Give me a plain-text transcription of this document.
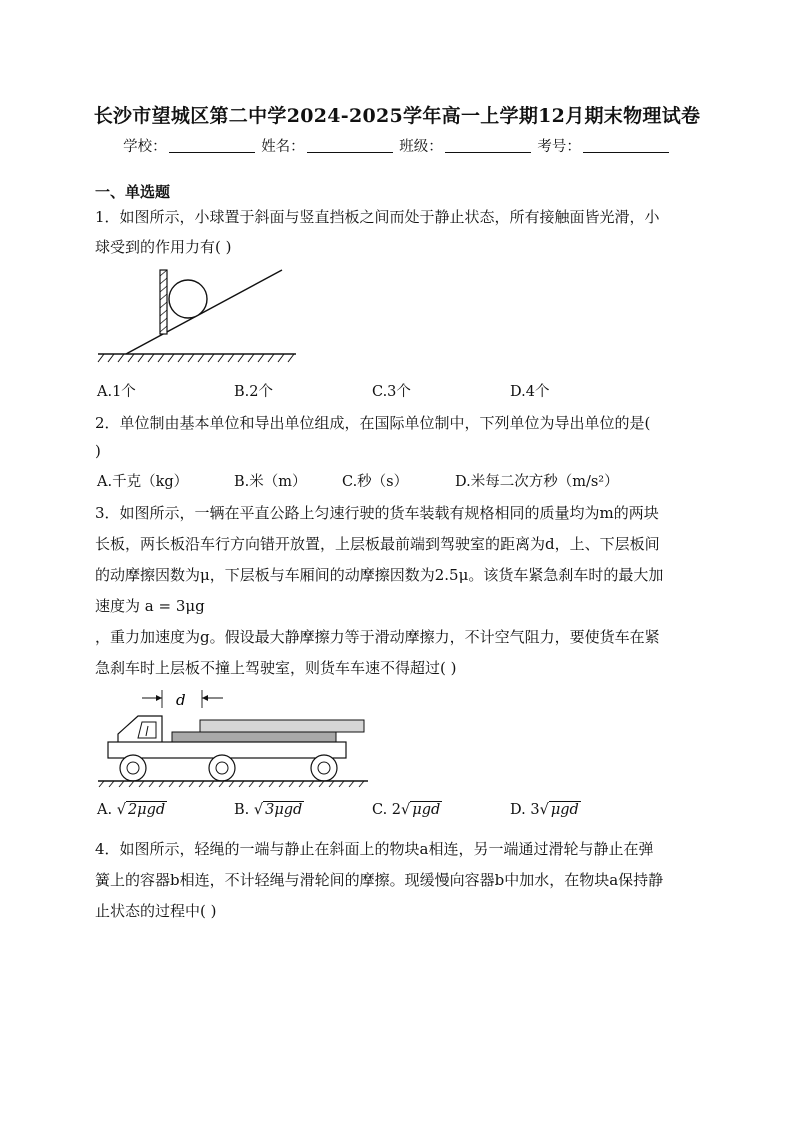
长沙市望城区第二中学2024-2025学年高一上学期12月期末物理试卷
学校：	姓名：	班级：	考号：
一、单选题
1．如图所示，小球置于斜面与竖直挡板之间而处于静止状态，所有接触面皆光滑，小
球受到的作用力有( )
A.1个	B.2个	C.3个	D.4个
2．单位制由基本单位和导出单位组成，在国际单位制中，下列单位为导出单位的是(
)
A.千克（kg）	B.米（m） C.秒（s）	D.米每二次方秒（m/s²）
3．如图所示，一辆在平直公路上匀速行驶的货车装载有规格相同的质量均为m的两块
长板，两长板沿车行方向错开放置，上层板最前端到驾驶室的距离为d，上、下层板间
的动摩擦因数为μ，下层板与车厢间的动摩擦因数为2.5μ。该货车紧急刹车时的最大加
速度为 a = 3μg
，重力加速度为g。假设最大静摩擦力等于滑动摩擦力，不计空气阻力，要使货车在紧
急刹车时上层板不撞上驾驶室，则货车车速不得超过( )
d
A. √ 2μgd	B. √ 3μgd	C. 2√ μgd	D. 3√ μgd
4．如图所示，轻绳的一端与静止在斜面上的物块a相连，另一端通过滑轮与静止在弹
簧上的容器b相连，不计轻绳与滑轮间的摩擦。现缓慢向容器b中加水，在物块a保持静
止状态的过程中( )
